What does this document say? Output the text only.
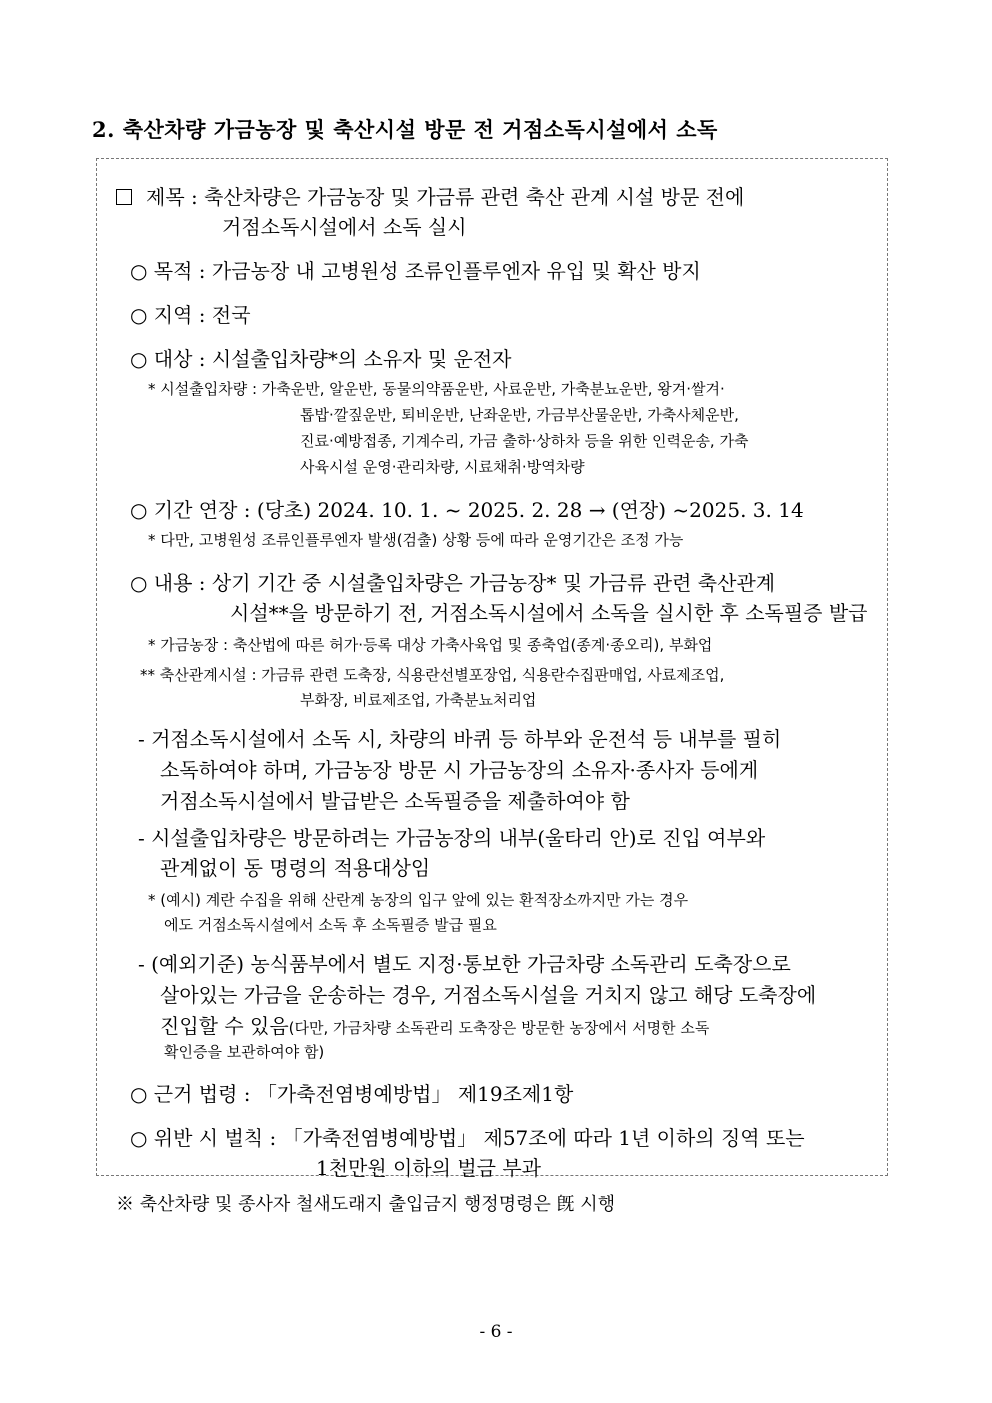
2. 축산차량 가금농장 및 축산시설 방문 전 거점소독시설에서 소독
제목 : 축산차량은 가금농장 및 가금류 관련 축산 관계 시설 방문 전에
거점소독시설에서 소독 실시
○ 목적 : 가금농장 내 고병원성 조류인플루엔자 유입 및 확산 방지
○ 지역 : 전국
○ 대상 : 시설출입차량*의 소유자 및 운전자
* 시설출입차량 : 가축운반, 알운반, 동물의약품운반, 사료운반, 가축분뇨운반, 왕겨·쌀겨·
톱밥·깔짚운반, 퇴비운반, 난좌운반, 가금부산물운반, 가축사체운반,
진료·예방접종, 기계수리, 가금 출하·상하차 등을 위한 인력운송, 가축
사육시설 운영·관리차량, 시료채취·방역차량
○ 기간 연장 : (당초) 2024. 10. 1. ~ 2025. 2. 28 → (연장) ~2025. 3. 14
* 다만, 고병원성 조류인플루엔자 발생(검출) 상황 등에 따라 운영기간은 조정 가능
○ 내용 : 상기 기간 중 시설출입차량은 가금농장* 및 가금류 관련 축산관계
시설**을 방문하기 전, 거점소독시설에서 소독을 실시한 후 소독필증 발급
* 가금농장 : 축산법에 따른 허가·등록 대상 가축사육업 및 종축업(종계·종오리), 부화업
** 축산관계시설 : 가금류 관련 도축장, 식용란선별포장업, 식용란수집판매업, 사료제조업,
부화장, 비료제조업, 가축분뇨처리업
- 거점소독시설에서 소독 시, 차량의 바퀴 등 하부와 운전석 등 내부를 필히
소독하여야 하며, 가금농장 방문 시 가금농장의 소유자·종사자 등에게
거점소독시설에서 발급받은 소독필증을 제출하여야 함
- 시설출입차량은 방문하려는 가금농장의 내부(울타리 안)로 진입 여부와
관계없이 동 명령의 적용대상임
* (예시) 계란 수집을 위해 산란계 농장의 입구 앞에 있는 환적장소까지만 가는 경우
에도 거점소독시설에서 소독 후 소독필증 발급 필요
- (예외기준) 농식품부에서 별도 지정·통보한 가금차량 소독관리 도축장으로
살아있는 가금을 운송하는 경우, 거점소독시설을 거치지 않고 해당 도축장에
진입할 수 있음(다만, 가금차량 소독관리 도축장은 방문한 농장에서 서명한 소독
확인증을 보관하여야 함)
○ 근거 법령 : 「가축전염병예방법」 제19조제1항
○ 위반 시 벌칙 : 「가축전염병예방법」 제57조에 따라 1년 이하의 징역 또는
1천만원 이하의 벌금 부과
※ 축산차량 및 종사자 철새도래지 출입금지 행정명령은 旣 시행
- 6 -
